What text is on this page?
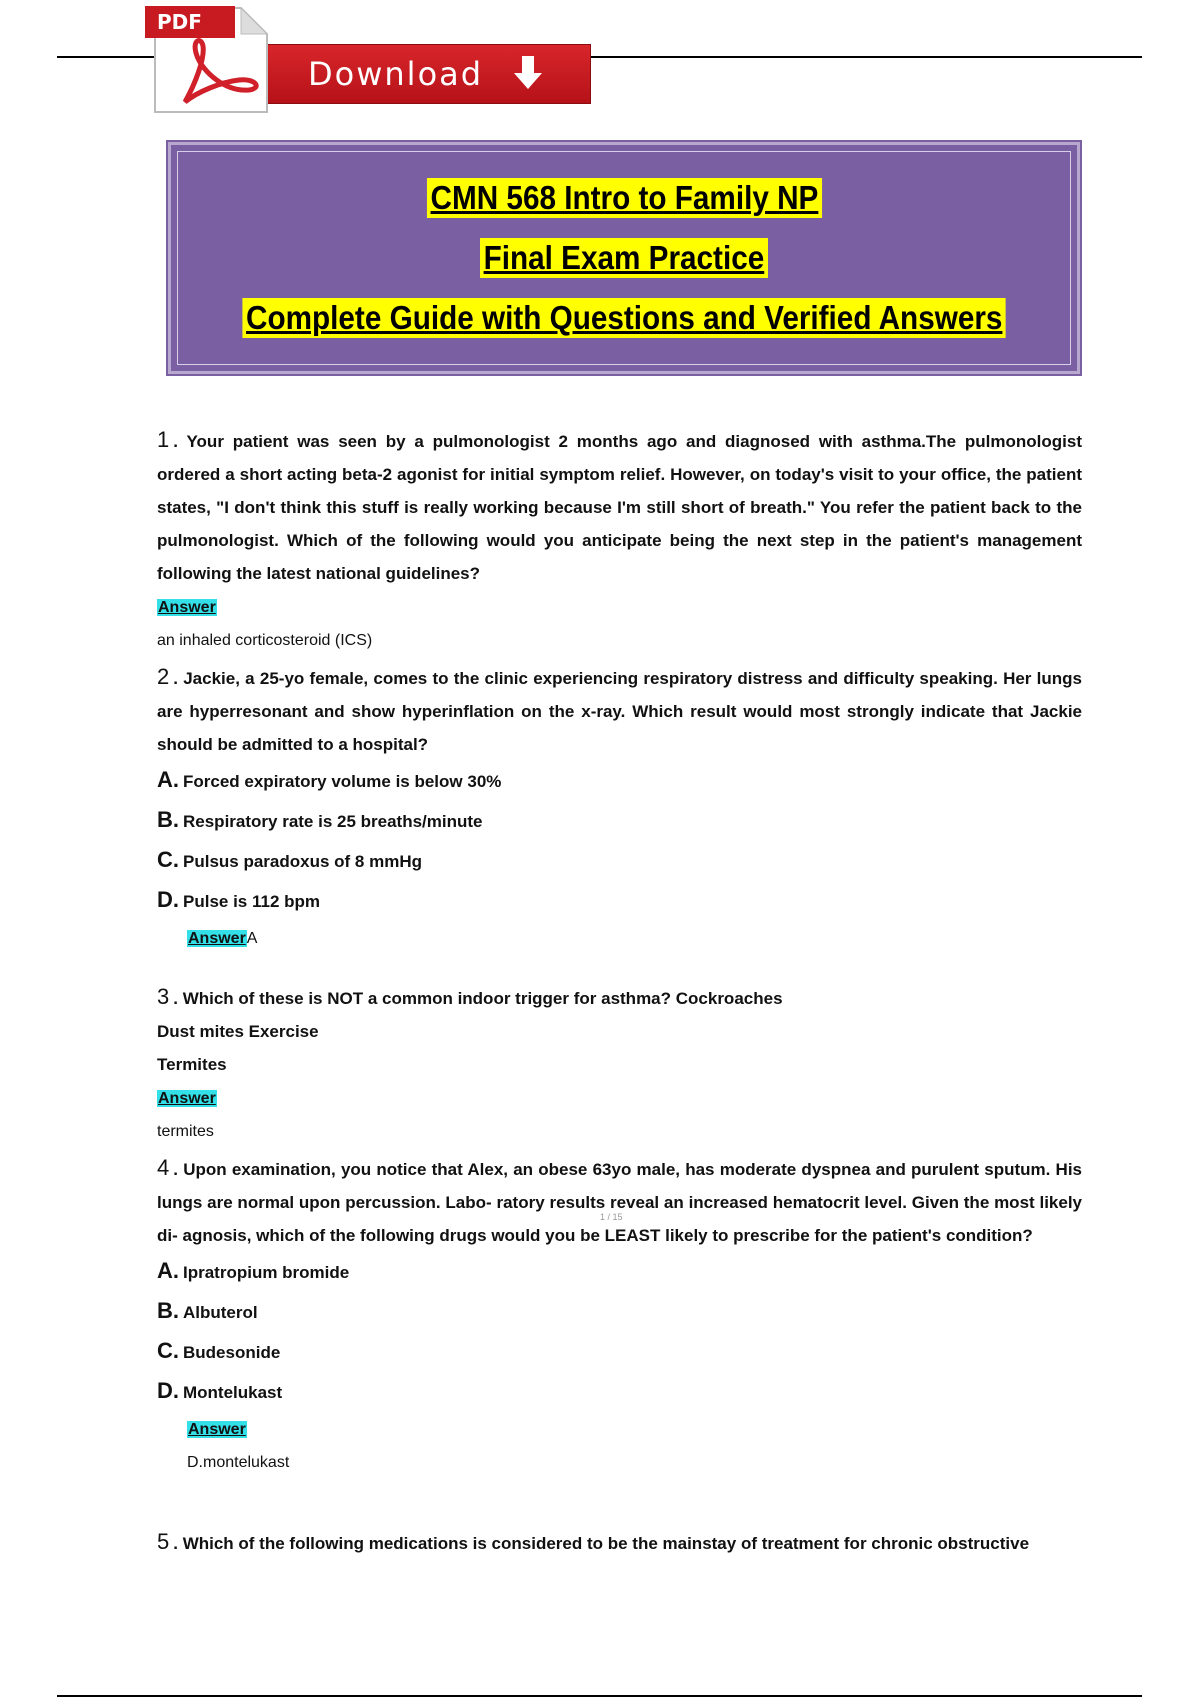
Download
PDF
CMN 568 Intro to Family NP
Final Exam Practice
Complete Guide with Questions and Verified Answers
1 . Your patient was seen by a pulmonologist 2 months ago and diagnosed with asthma.The pulmonologist ordered a short acting beta-2 agonist for initial symptom relief. However, on today's visit to your office, the patient states, "I don't think this stuff is really working because I'm still short of breath." You refer the patient back to the pulmonologist. Which of the following would you anticipate being the next step in the patient's management following the latest national guidelines?
Answer
an inhaled corticosteroid (ICS)
2 . Jackie, a 25-yo female, comes to the clinic experiencing respiratory distress and difficulty speaking. Her lungs are hyperresonant and show hyperinflation on the x-ray. Which result would most strongly indicate that Jackie should be admitted to a hospital?
A. Forced expiratory volume is below 30%
B. Respiratory rate is 25 breaths/minute
C. Pulsus paradoxus of 8 mmHg
D. Pulse is 112 bpm
AnswerA
3 . Which of these is NOT a common indoor trigger for asthma? Cockroaches
Dust mites Exercise
Termites
Answer
termites
4 . Upon examination, you notice that Alex, an obese 63yo male, has moderate dyspnea and purulent sputum. His lungs are normal upon percussion. Labo- ratory results reveal an increased hematocrit level. Given the most likely di- agnosis, which of the following drugs would you be LEAST likely to prescribe for the patient's condition?
A. Ipratropium bromide
B. Albuterol
C. Budesonide
D. Montelukast
Answer
D.montelukast
5 . Which of the following medications is considered to be the mainstay of treatment for chronic obstructive
1 / 15
